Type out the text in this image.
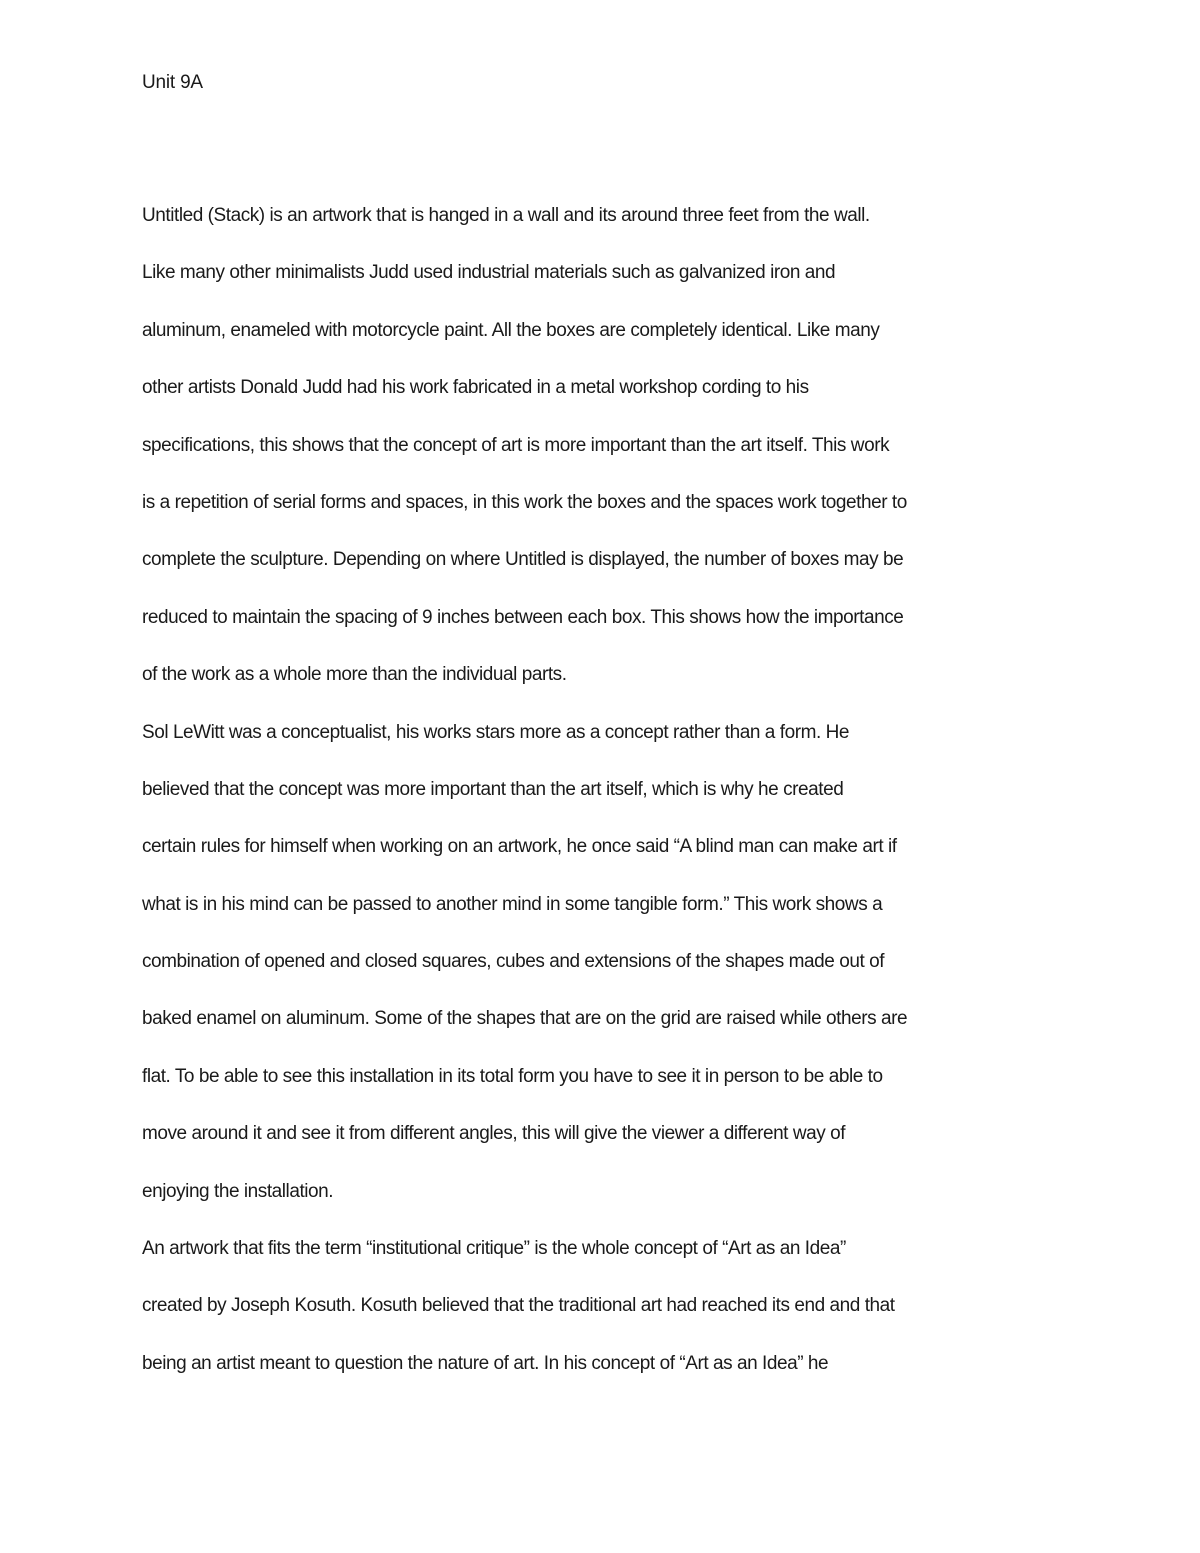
Unit 9A
Untitled (Stack) is an artwork that is hanged in a wall and its around three feet from the wall.
Like many other minimalists Judd used industrial materials such as galvanized iron and
aluminum, enameled with motorcycle paint. All the boxes are completely identical. Like many
other artists Donald Judd had his work fabricated in a metal workshop cording to his
specifications, this shows that the concept of art is more important than the art itself. This work
is a repetition of serial forms and spaces, in this work the boxes and the spaces work together to
complete the sculpture. Depending on where Untitled is displayed, the number of boxes may be
reduced to maintain the spacing of 9 inches between each box. This shows how the importance
of the work as a whole more than the individual parts.
Sol LeWitt was a conceptualist, his works stars more as a concept rather than a form. He
believed that the concept was more important than the art itself, which is why he created
certain rules for himself when working on an artwork, he once said “A blind man can make art if
what is in his mind can be passed to another mind in some tangible form.” This work shows a
combination of opened and closed squares, cubes and extensions of the shapes made out of
baked enamel on aluminum. Some of the shapes that are on the grid are raised while others are
flat. To be able to see this installation in its total form you have to see it in person to be able to
move around it and see it from different angles, this will give the viewer a different way of
enjoying the installation.
An artwork that fits the term “institutional critique” is the whole concept of “Art as an Idea”
created by Joseph Kosuth. Kosuth believed that the traditional art had reached its end and that
being an artist meant to question the nature of art. In his concept of “Art as an Idea” he
